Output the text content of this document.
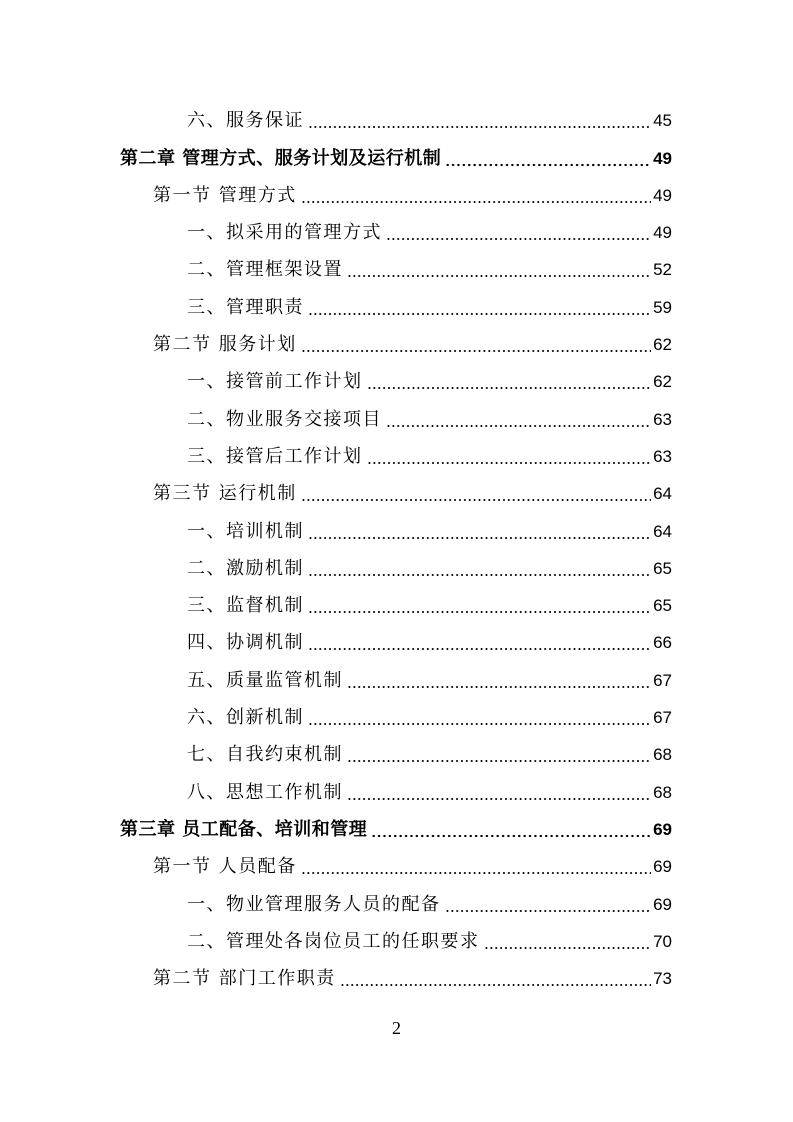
六、服务保证	45
第二章 管理方式、服务计划及运行机制	49
第一节 管理方式	49
一、拟采用的管理方式	49
二、管理框架设置	52
三、管理职责	59
第二节 服务计划	62
一、接管前工作计划	62
二、物业服务交接项目	63
三、接管后工作计划	63
第三节 运行机制	64
一、培训机制	64
二、激励机制	65
三、监督机制	65
四、协调机制	66
五、质量监管机制	67
六、创新机制	67
七、自我约束机制	68
八、思想工作机制	68
第三章 员工配备、培训和管理	69
第一节 人员配备	69
一、物业管理服务人员的配备	69
二、管理处各岗位员工的任职要求	70
第二节 部门工作职责	73
2
